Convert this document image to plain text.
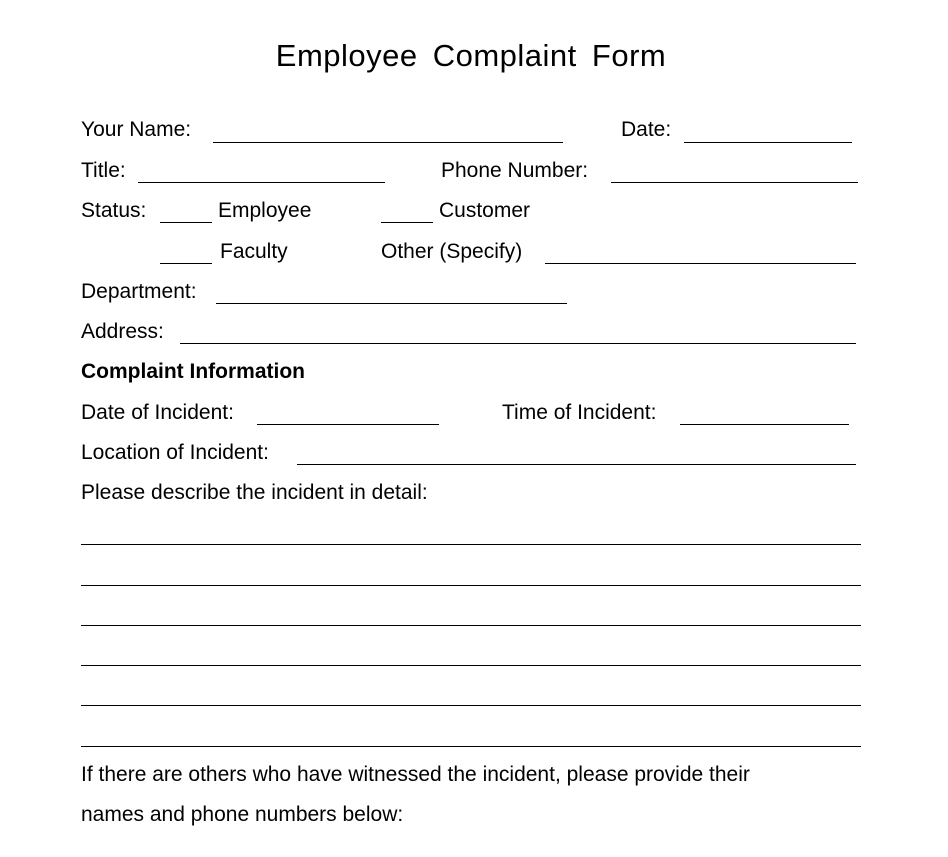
Employee Complaint Form
Your Name:	Date:
Title:	Phone Number:
Status:	Employee	Customer
Faculty	Other (Specify)
Department:
Address:
Complaint Information
Date of Incident:	Time of Incident:
Location of Incident:
Please describe the incident in detail:
If there are others who have witnessed the incident, please provide their
names and phone numbers below:
